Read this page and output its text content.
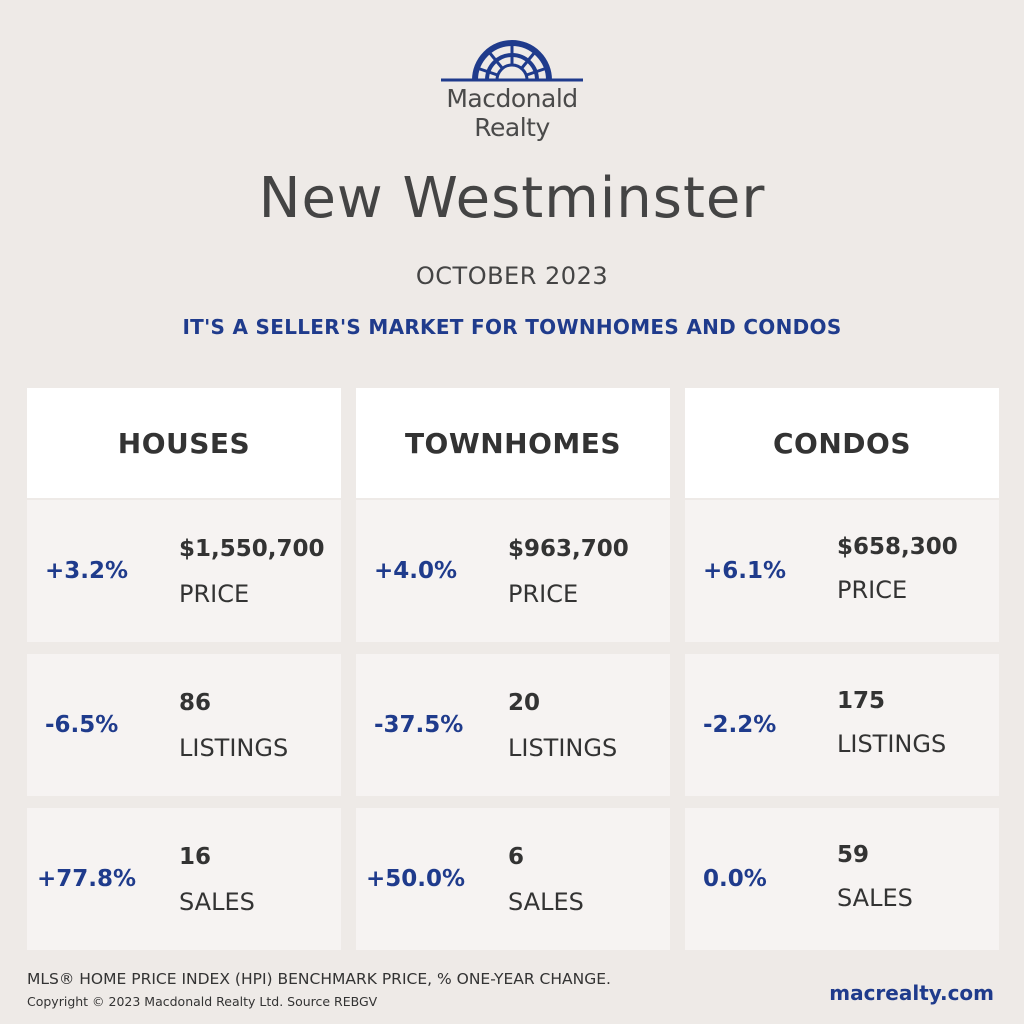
Macdonald
Realty
New Westminster
OCTOBER 2023
IT'S A SELLER'S MARKET FOR TOWNHOMES AND CONDOS
HOUSES
+3.2%
$1,550,700
PRICE
-6.5%
86
LISTINGS
+77.8%
16
SALES
TOWNHOMES
+4.0%
$963,700
PRICE
-37.5%
20
LISTINGS
+50.0%
6
SALES
CONDOS
+6.1%
$658,300
PRICE
-2.2%
175
LISTINGS
0.0%
59
SALES
MLS® HOME PRICE INDEX (HPI) BENCHMARK PRICE, % ONE-YEAR CHANGE.
Copyright © 2023 Macdonald Realty Ltd. Source REBGV	macrealty.com
